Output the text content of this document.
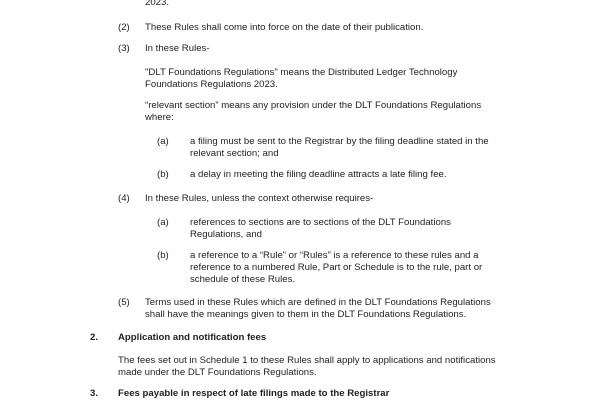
2023.
(2) These Rules shall come into force on the date of their publication.
(3) In these Rules-
"DLT Foundations Regulations" means the Distributed Ledger Technology
Foundations Regulations 2023.
“relevant section” means any provision under the DLT Foundations Regulations
where:
(a) a filing must be sent to the Registrar by the filing deadline stated in the
relevant section; and
(b) a delay in meeting the filing deadline attracts a late filing fee.
(4) In these Rules, unless the context otherwise requires-
(a) references to sections are to sections of the DLT Foundations
Regulations, and
(b) a reference to a “Rule” or “Rules” is a reference to these rules and a
reference to a numbered Rule, Part or Schedule is to the rule, part or
schedule of these Rules.
(5) Terms used in these Rules which are defined in the DLT Foundations Regulations
shall have the meanings given to them in the DLT Foundations Regulations.
2. Application and notification fees
The fees set out in Schedule 1 to these Rules shall apply to applications and notifications
made under the DLT Foundations Regulations.
3. Fees payable in respect of late filings made to the Registrar
